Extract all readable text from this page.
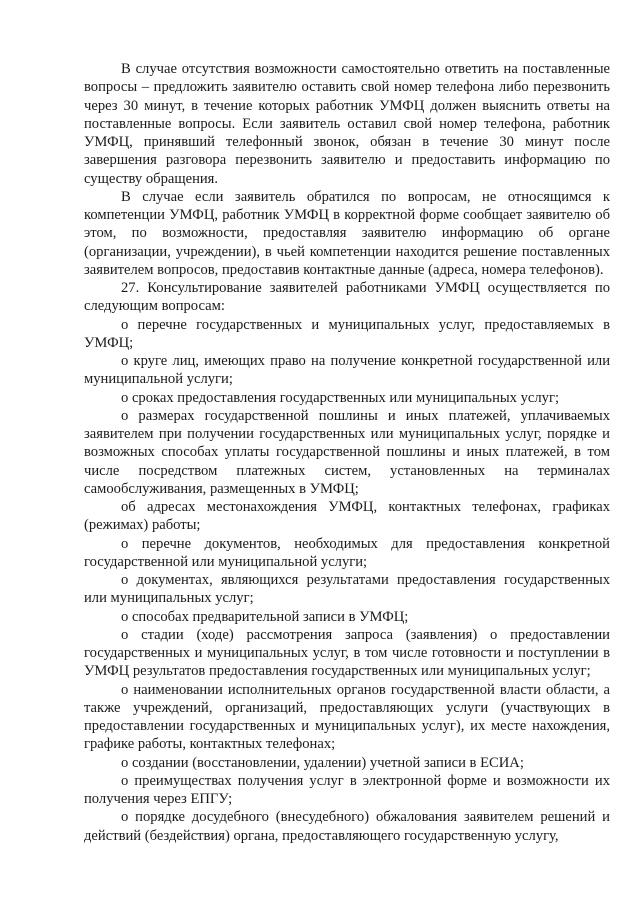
В случае отсутствия возможности самостоятельно ответить на поставленные вопросы – предложить заявителю оставить свой номер телефона либо перезвонить через 30 минут, в течение которых работник УМФЦ должен выяснить ответы на поставленные вопросы. Если заявитель оставил свой номер телефона, работник УМФЦ, принявший телефонный звонок, обязан в течение 30 минут после завершения разговора перезвонить заявителю и предоставить информацию по существу обращения.

В случае если заявитель обратился по вопросам, не относящимся к компетенции УМФЦ, работник УМФЦ в корректной форме сообщает заявителю об этом, по возможности, предоставляя заявителю информацию об органе (организации, учреждении), в чьей компетенции находится решение поставленных заявителем вопросов, предоставив контактные данные (адреса, номера телефонов).

27. Консультирование заявителей работниками УМФЦ осуществляется по следующим вопросам:

о перечне государственных и муниципальных услуг, предоставляемых в УМФЦ;

о круге лиц, имеющих право на получение конкретной государственной или муниципальной услуги;

о сроках предоставления государственных или муниципальных услуг;

о размерах государственной пошлины и иных платежей, уплачиваемых заявителем при получении государственных или муниципальных услуг, порядке и возможных способах уплаты государственной пошлины и иных платежей, в том числе посредством платежных систем, установленных на терминалах самообслуживания, размещенных в УМФЦ;

об адресах местонахождения УМФЦ, контактных телефонах, графиках (режимах) работы;

о перечне документов, необходимых для предоставления конкретной государственной или муниципальной услуги;

о документах, являющихся результатами предоставления государственных или муниципальных услуг;

о способах предварительной записи в УМФЦ;

о стадии (ходе) рассмотрения запроса (заявления) о предоставлении государственных и муниципальных услуг, в том числе готовности и поступлении в УМФЦ результатов предоставления государственных или муниципальных услуг;

о наименовании исполнительных органов государственной власти области, а также учреждений, организаций, предоставляющих услуги (участвующих в предоставлении государственных и муниципальных услуг), их месте нахождения, графике работы, контактных телефонах;

о создании (восстановлении, удалении) учетной записи в ЕСИА;

о преимуществах получения услуг в электронной форме и возможности их получения через ЕПГУ;

о порядке досудебного (внесудебного) обжалования заявителем решений и действий (бездействия) органа, предоставляющего государственную услугу,
